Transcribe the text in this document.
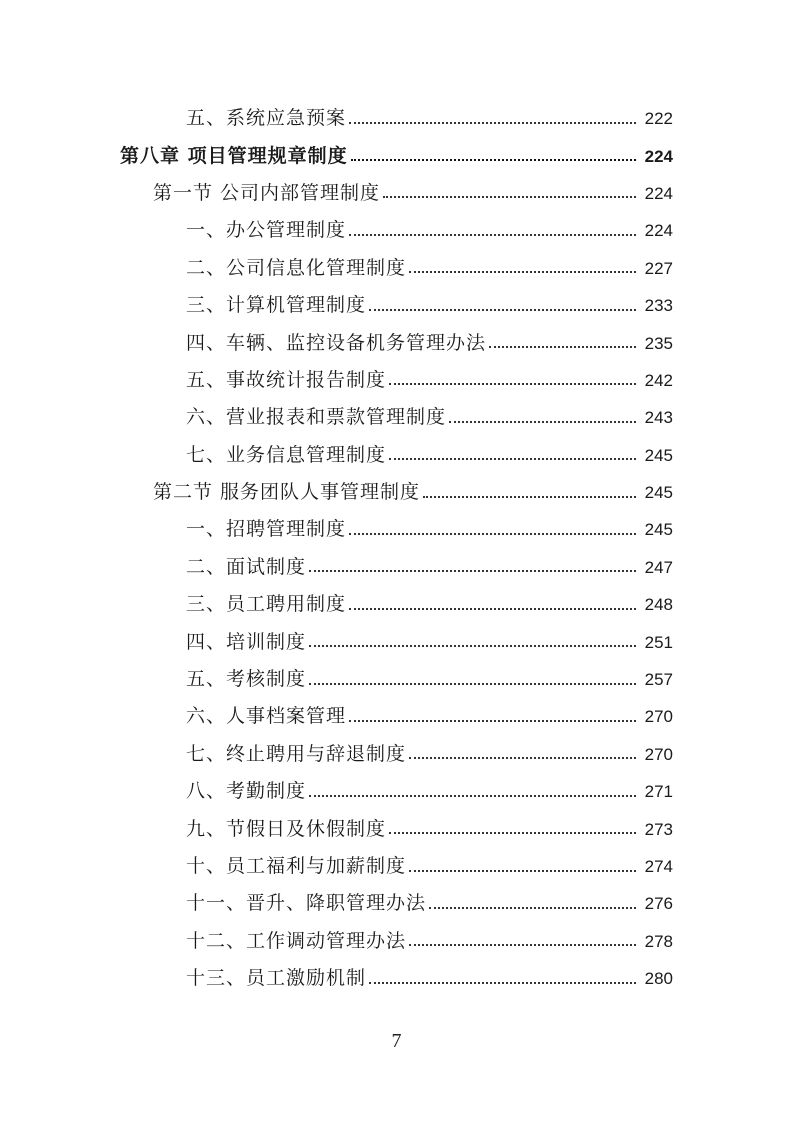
五、系统应急预案	222
第八章 项目管理规章制度	224
第一节 公司内部管理制度	224
一、办公管理制度	224
二、公司信息化管理制度	227
三、计算机管理制度	233
四、车辆、监控设备机务管理办法	235
五、事故统计报告制度	242
六、营业报表和票款管理制度	243
七、业务信息管理制度	245
第二节 服务团队人事管理制度	245
一、招聘管理制度	245
二、面试制度	247
三、员工聘用制度	248
四、培训制度	251
五、考核制度	257
六、人事档案管理	270
七、终止聘用与辞退制度	270
八、考勤制度	271
九、节假日及休假制度	273
十、员工福利与加薪制度	274
十一、晋升、降职管理办法	276
十二、工作调动管理办法	278
十三、员工激励机制	280
7
